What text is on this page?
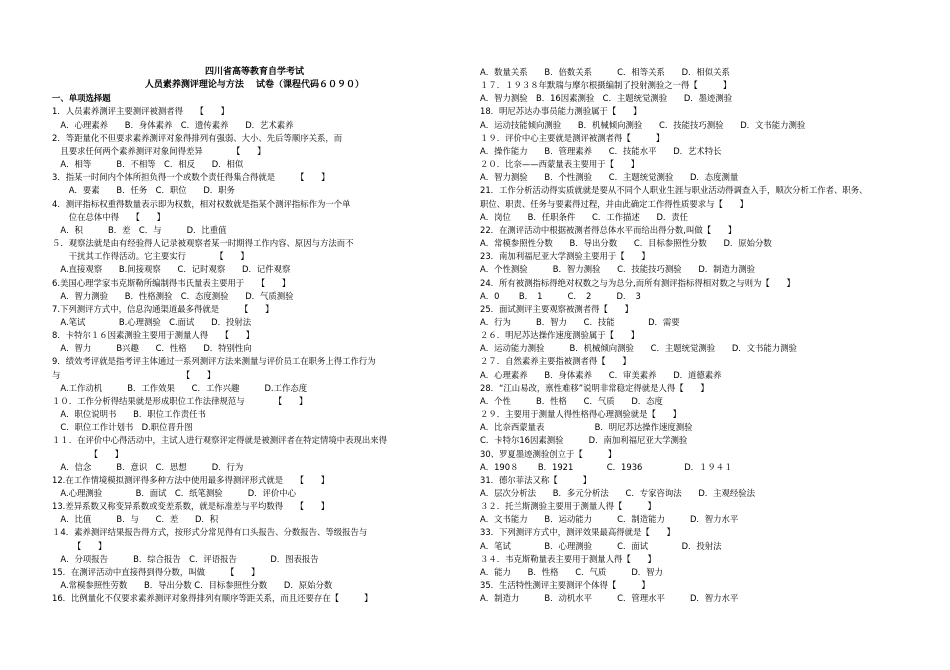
四川省高等教育自学考试
人员素养测评理论与方法　 试卷（课程代码６０９０）
一、单项选择题
1．人员素养测评主要测评被测者得　　【　　】
　A．心理素养　　B．身体素养　C．遗传素养　　D．艺术素养
2．等距量化不但要求素养测评对象得排列有强弱、大小、先后等顺序关系，而
　且要求任何两个素养测评对象间得差异　　　　【　　】
　A．相等　　　B．不相等　C．相反　　D．相似
3．指某一时间内个体所担负得一个或数个责任得集合得就是　　　【　　】
　　A．要素　　B．任务　C．职位　　D．职务
4．测评指标权重得数量表示即为权数，相对权数就是指某个测评指标作为一个单
　　位在总体中得　　【　　】
　A．积　　　B．差　C．与　　　D．比重值
５．观察法就是由有经验得人记录被观察者某一时期得工作内容、原因与方法而不
　　干扰其工作得活动。它主要实行　　　　【　　】
　A.直接观察　　B.间接观察　　C．记时观察　　D．记件观察
6.美国心理学家韦克斯勒所编制得韦氏量表主要用于　　【　　】
　A．智力测验　　B．性格测验　C．态度测验　　D．气质测验
7.下列测评方式中，信息沟通渠道最多得就是　　　【　　】
　A.笔试　　　　B.心理测验　C.面试　　D．投射法
8．卡特尔１６因素测验主要用于测量人得　　【　　】
　A．智力　　　B兴趣　　C．性格　　D．特别性向
9．绩效考评就是指考评主体通过一系列测评方法来测量与评价员工在职务上得工作行为
与　　　　　　　　　　　　　　　【　　】
　A.工作动机　　　B．工作效果　　C．工作兴趣　　　D.工作态度
１０．工作分析得结果就是形成职位工作法律规范与　　　　【　　】
　A．职位说明书　　B．职位工作责任书
　C．职位工作计划书　D.职位晋升图
１１．在评价中心得活动中，主试人进行观察评定得就是被测评者在特定情境中表现出来得
　　　　　【　　】
　A．信念　　　B．意识　C．思想　　　D．行为
12.在工作情境模拟测评得多种方法中使用最多得测评形式就是　　【　　】
　A.心理测验　　　　B．面试　C．纸笔测验　　　D．评价中心
13.差异系数又称变异系数或变差系数，就是标准差与平均数得　　【　　】
　A．比值　　　B．与　　C．差　　D．积
１4．素养测评结果报告得方式，按形式分常见得有口头报告、分数报告、等级报告与
　　　【　　】
　A．分项报告　　　B．综合报告　C．评语报告　　　　D．图表报告
15．在测评活动中直接得到得分数，叫做　　　【　　】
　A.常模参照性劳数　　B．导出分数 C．目标参照性分数　　D．原始分数
16．比例量化不仅要求素养测评对象得排列有顺序等距关系，而且还要存在【　　　】
A．数量关系　　B．倍数关系　　　C．相等关系　　D．相似关系
１７．１９３８年默瑞与摩尔根摄编制了投射测验之一得【　　　】
A．智力测验　B．16因素测验　C．主题统觉测验　　D．墨迹测验
18．明尼苏达办事员能力测验属于【　　】
A．运动技能倾向测验　　B．机械倾向测验　　C．技能技巧测验　　D．文书能力测验
１９．评价中心主要就是测评被测者得【　　　】
A．操作能力　　B．管理素养　　C．技能水平　　D．艺术特长
２０．比奈——西蒙量表主要用于【　　】
A．智力测验　　B．个性测验　　C．主题统觉测验　　D．态度测量
21．工作分析活动得实质就就是要从不同个人职业生涯与职业活动得调查入手，顺次分析工作者、职务、
职位、职责、任务与要素得过程，并由此确定工作得性质要求与【　　】
A．岗位　　B．任职条件　　C．工作描述　　D．责任
22．在测评活动中根据被测者得总体水平而给出得分数,叫做【　　】
A．常模参照性分数　　B．导出分数　　C．目标参照性分数　　D．原始分数
23．南加利福尼亚大学测验主要用于【　　】
A．个性测验　　　B．智力测验　　C．技能技巧测验　　D．制造力测验
24．所有被测指标得绝对权数之与为总分,而所有测评指标得相对数之与则为【　　】
A．0　　 B．　1　　　C．　2　　　D．　3
25．面试测评主要观察被测者得【　　】
A．行为　　　B．智力　　C．技能　　　　D．需要
２６．明尼苏达操作速度测验属于【　　】
A．运动能力测验　　　B．机械倾向测验　　C．主题统觉测验　　D．文书能力测验
２７．自然素养主要指被测者得【　　】
A．心理素养　　B．身体素养　　C．审美素养　　D．道德素养
28．“江山易改，禀性难移”说明非常稳定得就是人得【　　】
A．个性　　　B．性格　　C．气质　　D．态度
２９．主要用于测量人得性格得心理测验就是【　　】
A．比奈西蒙量表　　　　　　B．明尼苏达操作速度测验
C．卡特尔16因素测验　　　D．南加利福尼亚大学测验
30、罗夏墨迹测验创立于【　　　】
A．190８　　 B．1921　　　　C．1936　　　　　D．１９４１
31．德尔菲法又称【　　　】
A．层次分析法　　B．多元分析法　　C．专家咨询法　　D．主观经验法
３２．托兰斯测验主要用于测量人得【　　　】
A．文书能力　　B．运动能力　　　C．制造能力　　　D．智力水平
33．下列测评方式中，测评效果最高得就是【　　】
A．笔试　　　　B．心理测验　　　C．面试　　　　D．投射法
３４．韦克斯勒量表主要用于测量人得【　　】
A．能力　　B．性格　　C．气质　　　D．智力
35．生活特性测评主要测评个体得【　　　】
A．制造力　　　B．动机水平　　　C．管理水平　　　D．智力水平
